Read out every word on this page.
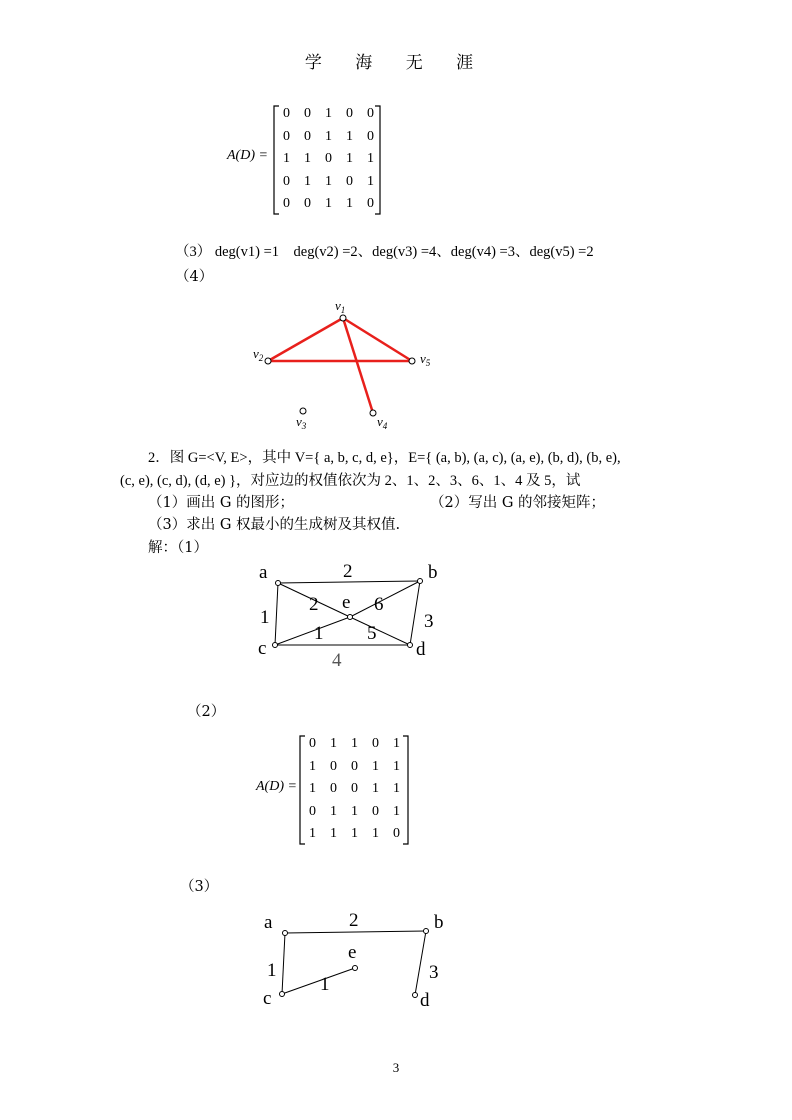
学 海 无 涯
A(D) =
0	0	1	0	0
0	0	1	1	0
1	1	0	1	1
0	1	1	0	1
0	0	1	1	0
（3） deg(v1) =1　deg(v2) =2、deg(v3) =4、deg(v4) =3、deg(v5) =2
（4）
$v_1$
$v_2$	$v_5$
$v_4$
$v_3$
2．图 G=<V, E>，其中 V={ a, b, c, d, e}，E={ (a, b), (a, c), (a, e), (b, d), (b, e),
(c, e), (c, d), (d, e) }，对应边的权值依次为 2、1、2、3、6、1、4 及 5，试
（1）画出 G 的图形；	（2）写出 G 的邻接矩阵；
（3）求出 G 权最小的生成树及其权值.
解：（1）
a	b
c	d
e
2
1
2
3
6
1
4
5
（2）
A(D) =
0	1	1	0	1
1	0	0	1	1
1	0	0	1	1
0	1	1	0	1
1	1	1	1	0
（3）
a	b
c	d
e
2
1
1
3
3
